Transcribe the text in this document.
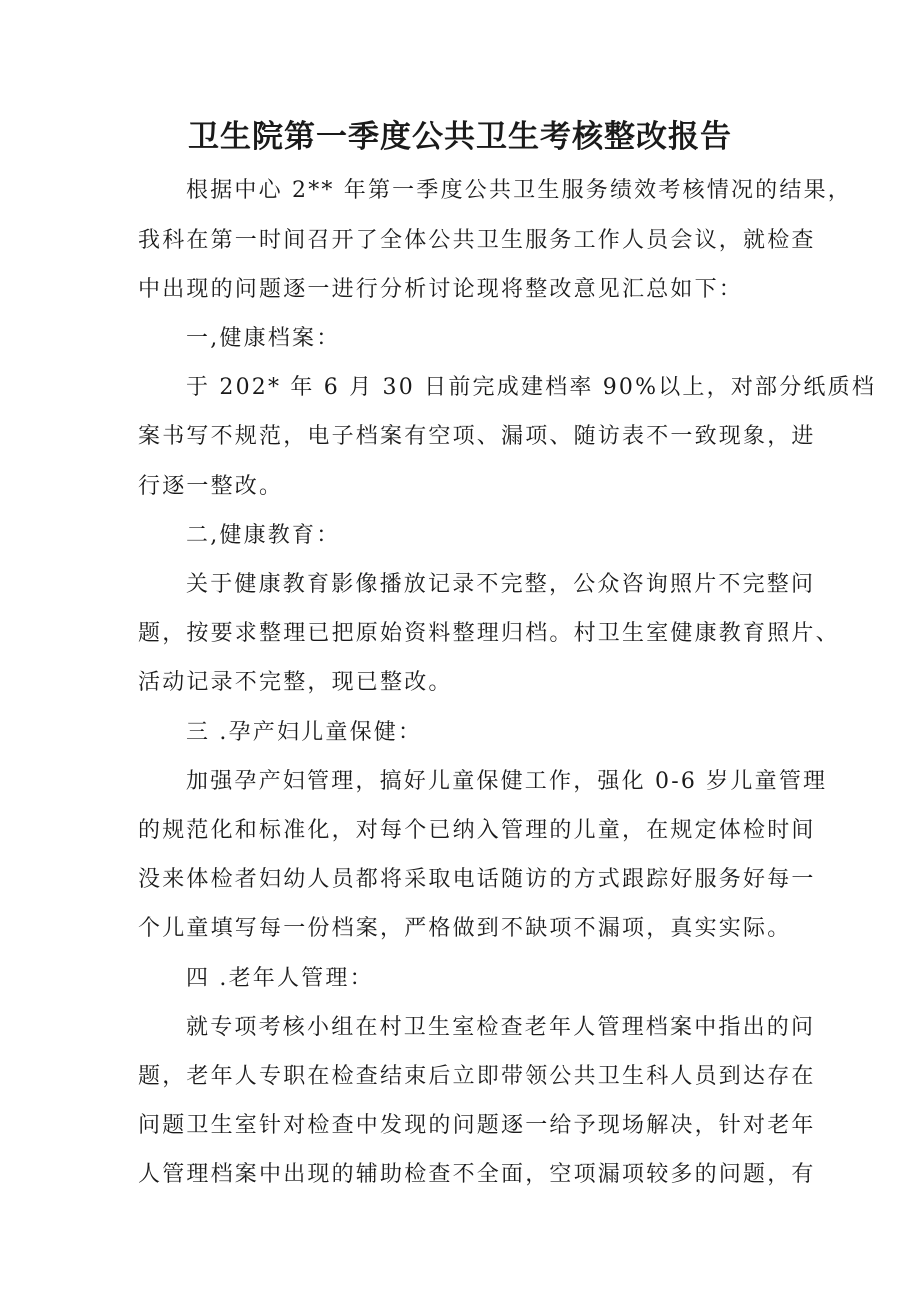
卫生院第一季度公共卫生考核整改报告
根据中心 2** 年第一季度公共卫生服务绩效考核情况的结果，
我科在第一时间召开了全体公共卫生服务工作人员会议，就检查
中出现的问题逐一进行分析讨论现将整改意见汇总如下：
一,健康档案：
于 202* 年 6 月 30 日前完成建档率 90%以上，对部分纸质档
案书写不规范，电子档案有空项、漏项、随访表不一致现象，进
行逐一整改。
二,健康教育：
关于健康教育影像播放记录不完整，公众咨询照片不完整问
题，按要求整理已把原始资料整理归档。村卫生室健康教育照片、
活动记录不完整，现已整改。
三 .孕产妇儿童保健：
加强孕产妇管理，搞好儿童保健工作，强化 0-6 岁儿童管理
的规范化和标准化，对每个已纳入管理的儿童，在规定体检时间
没来体检者妇幼人员都将采取电话随访的方式跟踪好服务好每一
个儿童填写每一份档案，严格做到不缺项不漏项，真实实际。
四 .老年人管理：
就专项考核小组在村卫生室检查老年人管理档案中指出的问
题，老年人专职在检查结束后立即带领公共卫生科人员到达存在
问题卫生室针对检查中发现的问题逐一给予现场解决，针对老年
人管理档案中出现的辅助检查不全面，空项漏项较多的问题，有
